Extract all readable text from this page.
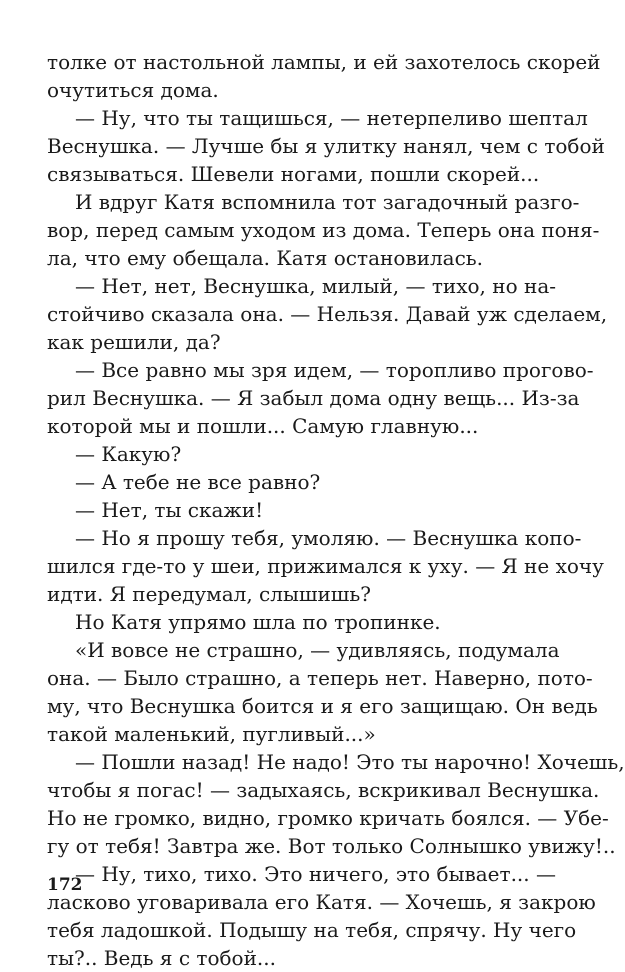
толке от настольной лампы, и ей захотелось скорей
очутиться дома.
— Ну, что ты тащишься, — нетерпеливо шептал
Веснушка. — Лучше бы я улитку нанял, чем с тобой
связываться. Шевели ногами, пошли скорей...
И вдруг Катя вспомнила тот загадочный разго-
вор, перед самым уходом из дома. Теперь она поня-
ла, что ему обещала. Катя остановилась.
— Нет, нет, Веснушка, милый, — тихо, но на-
стойчиво сказала она. — Нельзя. Давай уж сделаем,
как решили, да?
— Все равно мы зря идем, — торопливо прогово-
рил Веснушка. — Я забыл дома одну вещь... Из-за
которой мы и пошли... Самую главную...
— Какую?
— А тебе не все равно?
— Нет, ты скажи!
— Но я прошу тебя, умоляю. — Веснушка копо-
шился где-то у шеи, прижимался к уху. — Я не хочу
идти. Я передумал, слышишь?
Но Катя упрямо шла по тропинке.
«И вовсе не страшно, — удивляясь, подумала
она. — Было страшно, а теперь нет. Наверно, пото-
му, что Веснушка боится и я его защищаю. Он ведь
такой маленький, пугливый...»
— Пошли назад! Не надо! Это ты нарочно! Хочешь,
чтобы я погас! — задыхаясь, вскрикивал Веснушка.
Но не громко, видно, громко кричать боялся. — Убе-
гу от тебя! Завтра же. Вот только Солнышко увижу!..
— Ну, тихо, тихо. Это ничего, это бывает... —
ласково уговаривала его Катя. — Хочешь, я закрою
тебя ладошкой. Подышу на тебя, спрячу. Ну чего
ты?.. Ведь я с тобой...
172
